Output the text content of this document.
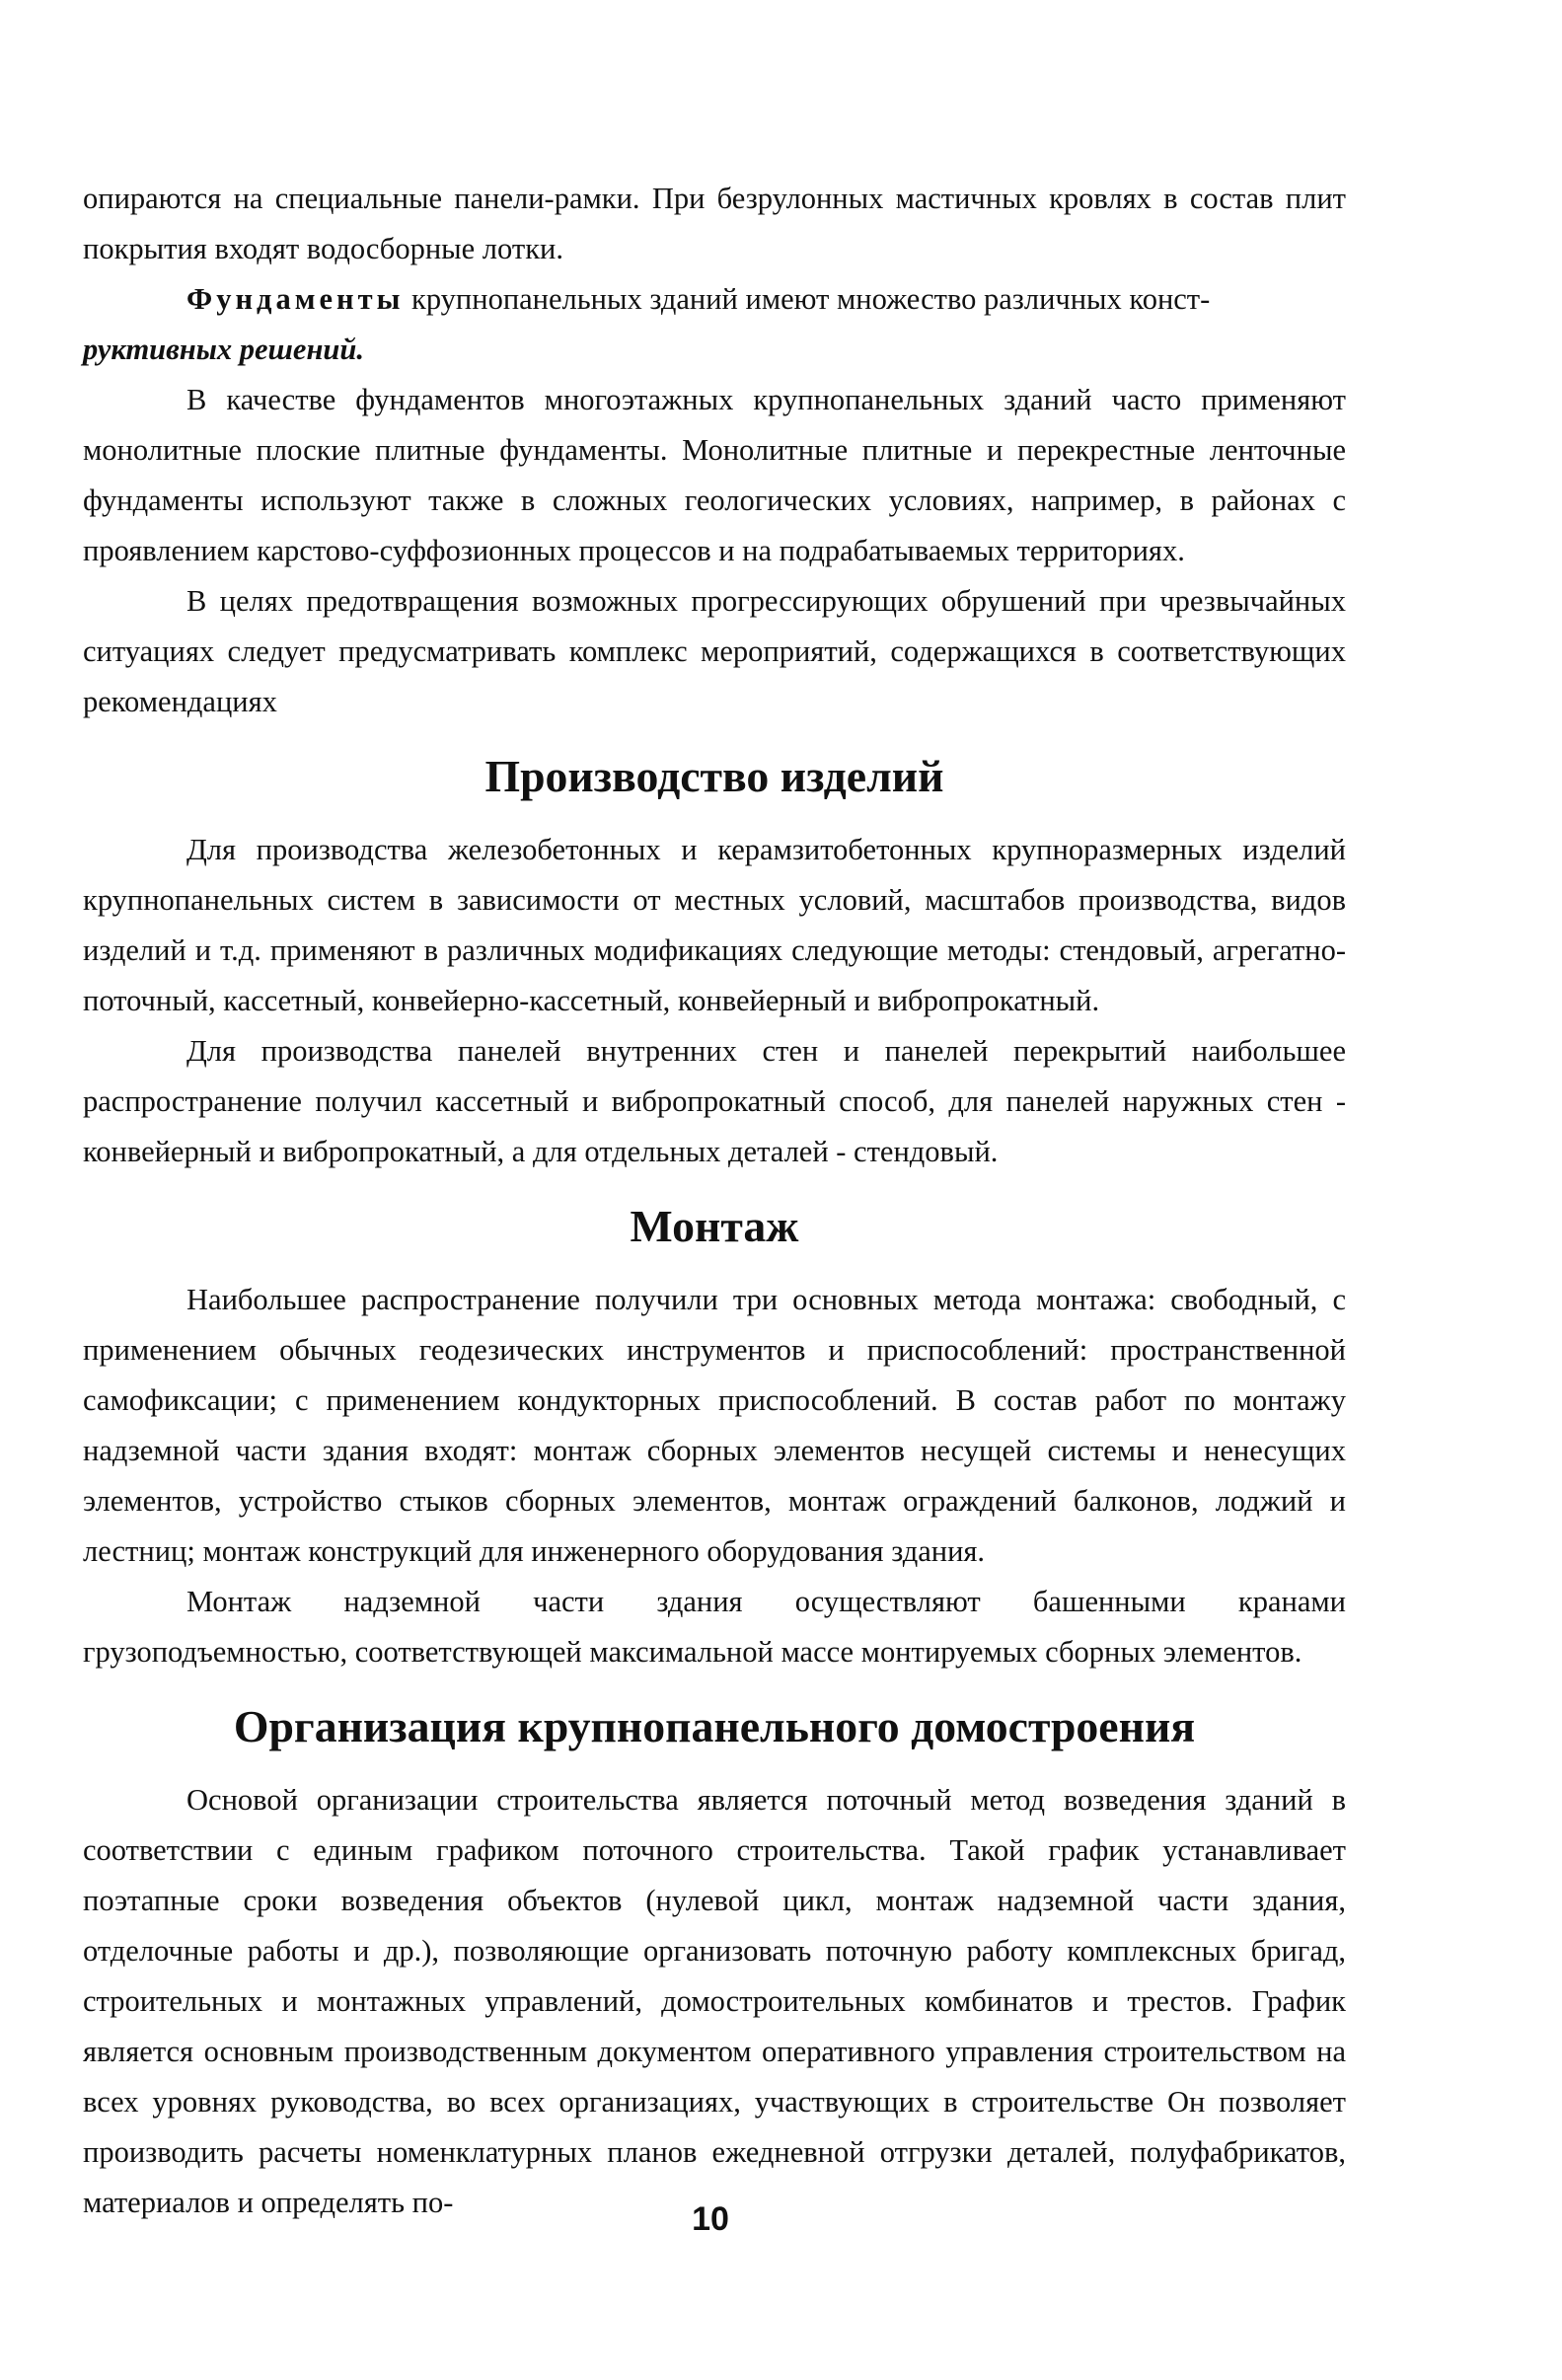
опираются на специальные панели-рамки. При безрулонных мастичных кровлях в состав плит покрытия входят водосборные лотки.

Фундаменты крупнопанельных зданий имеют множество различных конст-
руктивных решений.

В качестве фундаментов многоэтажных крупнопанельных зданий часто применяют монолитные плоские плитные фундаменты. Монолитные плитные и перекрестные ленточные фундаменты используют также в сложных геологических условиях, например, в районах с проявлением карстово-суффозионных процессов и на подрабатываемых территориях.

В целях предотвращения возможных прогрессирующих обрушений при чрезвычайных ситуациях следует предусматривать комплекс мероприятий, содержащихся в соответствующих рекомендациях

Производство изделий

Для производства железобетонных и керамзитобетонных крупноразмерных изделий крупнопанельных систем в зависимости от местных условий, масштабов производства, видов изделий и т.д. применяют в различных модификациях следующие методы: стендовый, агрегатно-поточный, кассетный, конвейерно-кассетный, конвейерный и вибропрокатный.

Для производства панелей внутренних стен и панелей перекрытий наибольшее распространение получил кассетный и вибропрокатный способ, для панелей наружных стен - конвейерный и вибропрокатный, а для отдельных деталей - стендовый.

Монтаж

Наибольшее распространение получили три основных метода монтажа: свободный, с применением обычных геодезических инструментов и приспособлений: пространственной самофиксации; с применением кондукторных приспособлений. В состав работ по монтажу надземной части здания входят: монтаж сборных элементов несущей системы и ненесущих элементов, устройство стыков сборных элементов, монтаж ограждений балконов, лоджий и лестниц; монтаж конструкций для инженерного оборудования здания.

Монтаж надземной части здания осуществляют башенными кранами грузоподъемностью, соответствующей максимальной массе монтируемых сборных элементов.

Организация крупнопанельного домостроения

Основой организации строительства является поточный метод возведения зданий в соответствии с единым графиком поточного строительства. Такой график устанавливает поэтапные сроки возведения объектов (нулевой цикл, монтаж надземной части здания, отделочные работы и др.), позволяющие организовать поточную работу комплексных бригад, строительных и монтажных управлений, домостроительных комбинатов и трестов. График является основным производственным документом оперативного управления строительством на всех уровнях руководства, во всех организациях, участвующих в строительстве Он позволяет производить расчеты номенклатурных планов ежедневной отгрузки деталей, полуфабрикатов, материалов и определять по-	10
